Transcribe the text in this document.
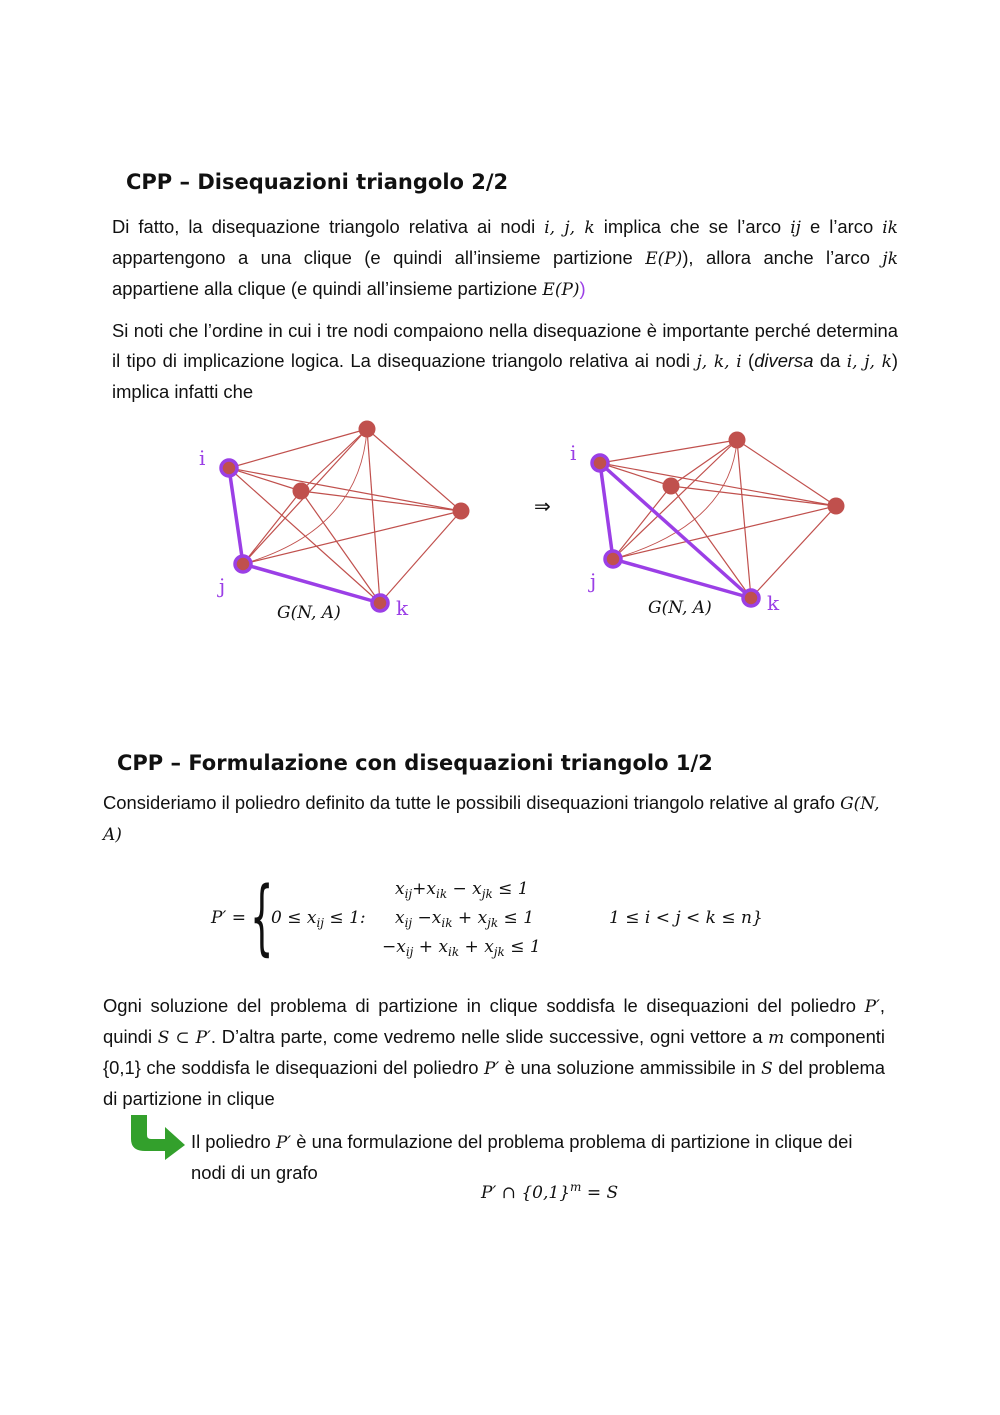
CPP – Disequazioni triangolo 2/2
Di fatto, la disequazione triangolo relativa ai nodi i, j, k implica che se l’arco ij e l’arco ik appartengono a una clique (e quindi all’insieme partizione E(P)), allora anche l’arco jk appartiene alla clique (e quindi all’insieme partizione E(P))
Si noti che l’ordine in cui i tre nodi compaiono nella disequazione è importante perché determina il tipo di implicazione logica. La disequazione triangolo relativa ai nodi j, k, i (diversa da i, j, k) implica infatti che
i
j
k
G(N, A)
⇒
i
j
k
G(N, A)
CPP – Formulazione con disequazioni triangolo 1/2
Consideriamo il poliedro definito da tutte le possibili disequazioni triangolo relative al grafo G(N, A)
P′ = {
$0 \le x_{ij} \le 1$:
$x_{ij}+x_{ik} - x_{jk} \le 1$
$x_{ij} -x_{ik} + x_{jk} \le 1$
$-x_{ij} + x_{ik} + x_{jk} \le 1$
1 ≤ i < j < k ≤ n}
Ogni soluzione del problema di partizione in clique soddisfa le disequazioni del poliedro P′, quindi S ⊂ P′. D’altra parte, come vedremo nelle slide successive, ogni vettore a m componenti {0,1} che soddisfa le disequazioni del poliedro P′ è una soluzione ammissibile in S del problema di partizione in clique
Il poliedro P′ è una formulazione del problema problema di partizione in clique dei nodi di un grafo
P′ ∩ $\{0,1\}^m = S$
